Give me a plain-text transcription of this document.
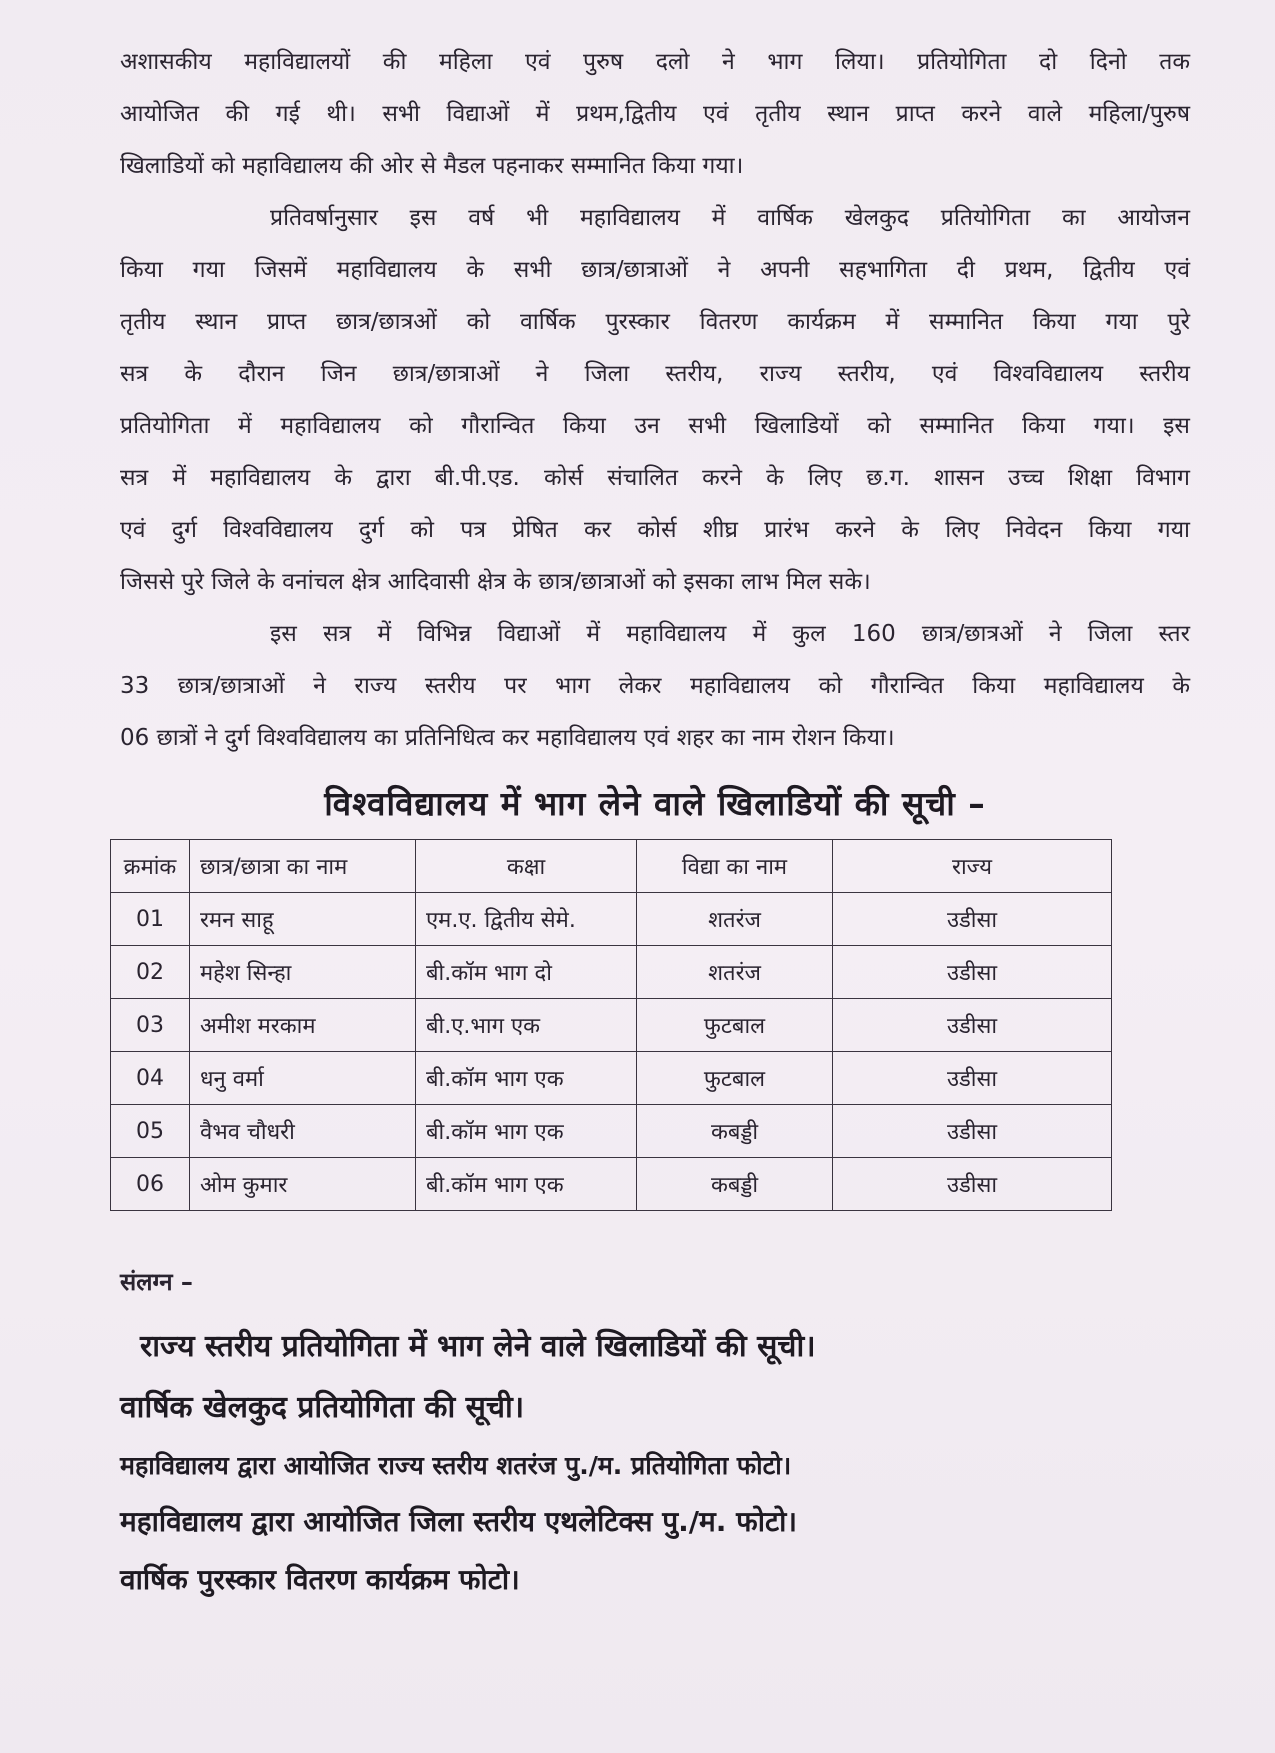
अशासकीय महाविद्यालयों की महिला एवं पुरुष दलो ने भाग लिया। प्रतियोगिता दो दिनो तक
आयोजित की गई थी। सभी विद्याओं में प्रथम,द्वितीय एवं तृतीय स्थान प्राप्त करने वाले महिला/पुरुष
खिलाडियों को महाविद्यालय की ओर से मैडल पहनाकर सम्मानित किया गया।

प्रतिवर्षानुसार इस वर्ष भी महाविद्यालय में वार्षिक खेलकुद प्रतियोगिता का आयोजन
किया गया जिसमें महाविद्यालय के सभी छात्र/छात्राओं ने अपनी सहभागिता दी प्रथम, द्वितीय एवं
तृतीय स्थान प्राप्त छात्र/छात्रओं को वार्षिक पुरस्कार वितरण कार्यक्रम में सम्मानित किया गया पुरे
सत्र के दौरान जिन छात्र/छात्राओं ने जिला स्तरीय, राज्य स्तरीय, एवं विश्वविद्यालय स्तरीय
प्रतियोगिता में महाविद्यालय को गौरान्वित किया उन सभी खिलाडियों को सम्मानित किया गया। इस
सत्र में महाविद्यालय के द्वारा बी.पी.एड. कोर्स संचालित करने के लिए छ.ग. शासन उच्च शिक्षा विभाग
एवं दुर्ग विश्वविद्यालय दुर्ग को पत्र प्रेषित कर कोर्स शीघ्र प्रारंभ करने के लिए निवेदन किया गया
जिससे पुरे जिले के वनांचल क्षेत्र आदिवासी क्षेत्र के छात्र/छात्राओं को इसका लाभ मिल सके।

इस सत्र में विभिन्न विद्याओं में महाविद्यालय में कुल 160 छात्र/छात्रओं ने जिला स्तर
33 छात्र/छात्राओं ने राज्य स्तरीय पर भाग लेकर महाविद्यालय को गौरान्वित किया महाविद्यालय के
06 छात्रों ने दुर्ग विश्वविद्यालय का प्रतिनिधित्व कर महाविद्यालय एवं शहर का नाम रोशन किया।

विश्वविद्यालय में भाग लेने वाले खिलाडियों की सूची –
क्रमांक	छात्र/छात्रा का नाम	कक्षा	विद्या का नाम	राज्य
01	रमन साहू	एम.ए. द्वितीय सेमे.	शतरंज	उडीसा
02	महेश सिन्हा	बी.कॉम भाग दो	शतरंज	उडीसा
03	अमीश मरकाम	बी.ए.भाग एक	फुटबाल	उडीसा
04	धनु वर्मा	बी.कॉम भाग एक	फुटबाल	उडीसा
05	वैभव चौधरी	बी.कॉम भाग एक	कबड्डी	उडीसा
06	ओम कुमार	बी.कॉम भाग एक	कबड्डी	उडीसा
संलग्न –
राज्य स्तरीय प्रतियोगिता में भाग लेने वाले खिलाडियों की सूची।
वार्षिक खेलकुद प्रतियोगिता की सूची।
महाविद्यालय द्वारा आयोजित राज्य स्तरीय शतरंज पु./म. प्रतियोगिता फोटो।
महाविद्यालय द्वारा आयोजित जिला स्तरीय एथलेटिक्स पु./म. फोटो।
वार्षिक पुरस्कार वितरण कार्यक्रम फोटो।
